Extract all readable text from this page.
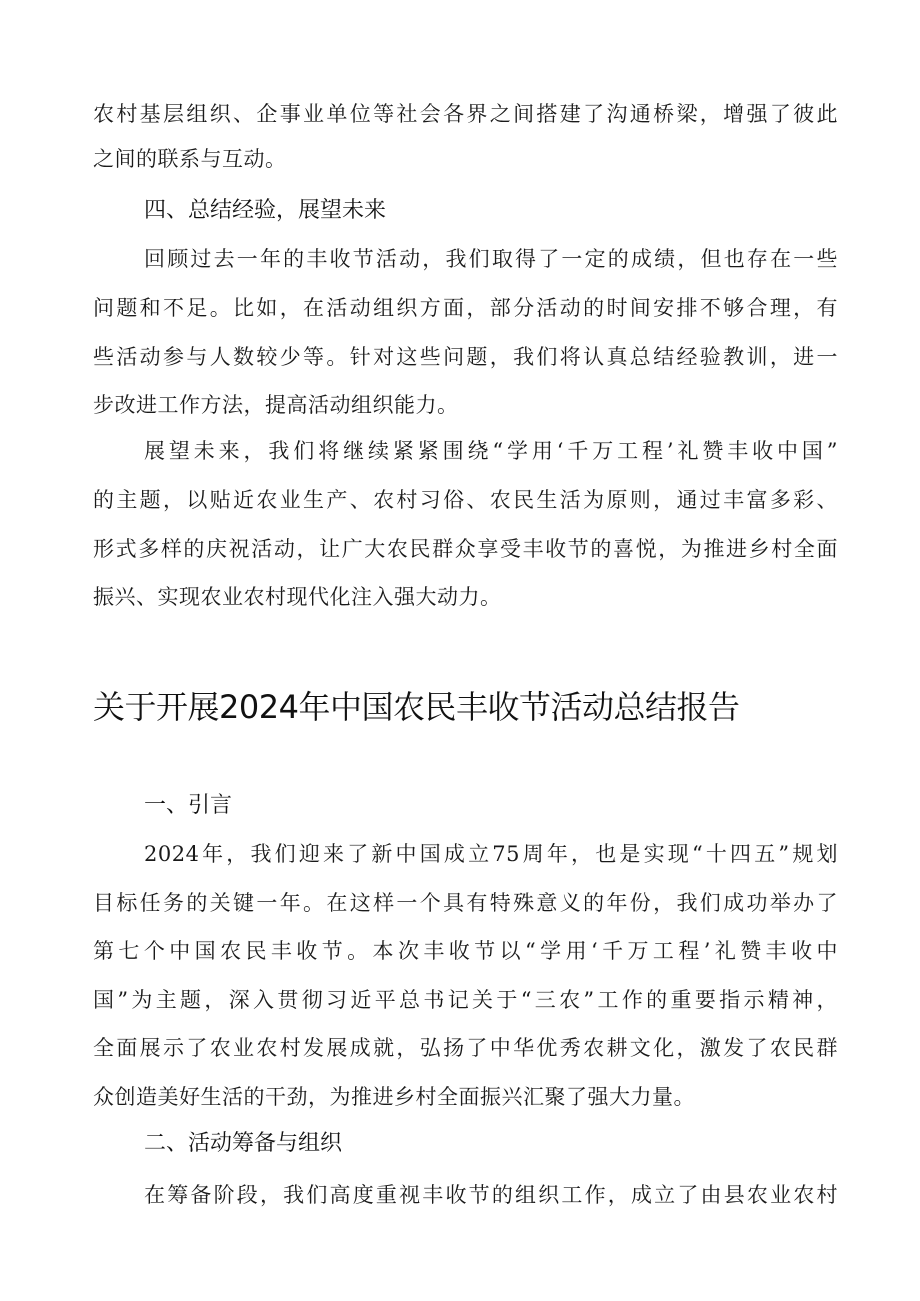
农村基层组织、企事业单位等社会各界之间搭建了沟通桥梁，增强了彼此
之间的联系与互动。
四、总结经验，展望未来
回顾过去一年的丰收节活动，我们取得了一定的成绩，但也存在一些
问题和不足。比如，在活动组织方面，部分活动的时间安排不够合理，有
些活动参与人数较少等。针对这些问题，我们将认真总结经验教训，进一
步改进工作方法，提高活动组织能力。
展望未来，我们将继续紧紧围绕“学用‘千万工程’礼赞丰收中国”
的主题，以贴近农业生产、农村习俗、农民生活为原则，通过丰富多彩、
形式多样的庆祝活动，让广大农民群众享受丰收节的喜悦，为推进乡村全面
振兴、实现农业农村现代化注入强大动力。
关于开展2024年中国农民丰收节活动总结报告
一、引言
2024年，我们迎来了新中国成立75周年，也是实现“十四五”规划
目标任务的关键一年。在这样一个具有特殊意义的年份，我们成功举办了
第七个中国农民丰收节。本次丰收节以“学用‘千万工程’礼赞丰收中
国”为主题，深入贯彻习近平总书记关于“三农”工作的重要指示精神，
全面展示了农业农村发展成就，弘扬了中华优秀农耕文化，激发了农民群
众创造美好生活的干劲，为推进乡村全面振兴汇聚了强大力量。
二、活动筹备与组织
在筹备阶段，我们高度重视丰收节的组织工作，成立了由县农业农村
